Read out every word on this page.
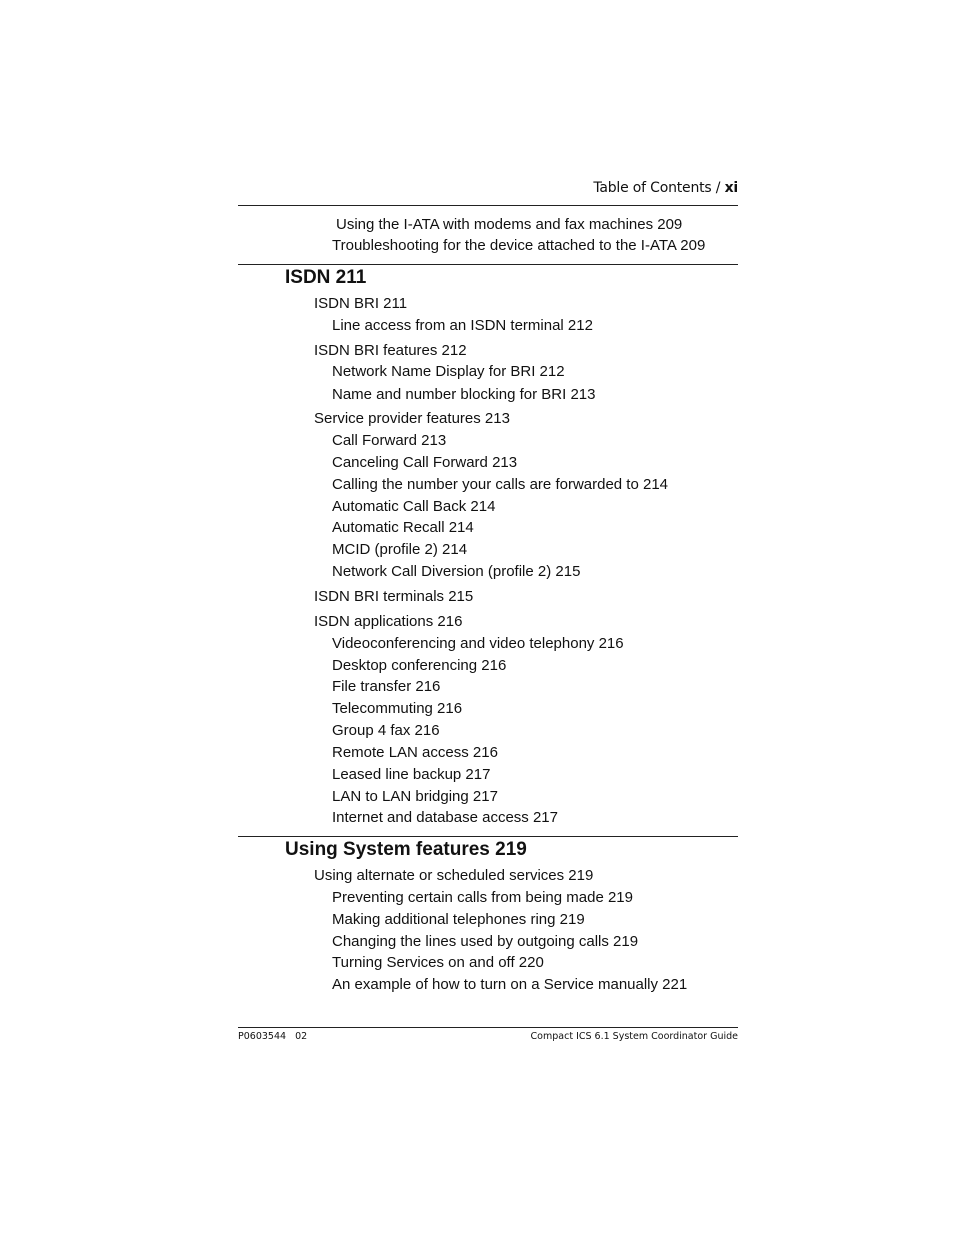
Table of Contents / xi
Using the I-ATA with modems and fax machines 209
Troubleshooting for the device attached to the I-ATA 209
ISDN 211
ISDN BRI 211
Line access from an ISDN terminal 212
ISDN BRI features 212
Network Name Display for BRI 212
Name and number blocking for BRI 213
Service provider features 213
Call Forward 213
Canceling Call Forward 213
Calling the number your calls are forwarded to 214
Automatic Call Back 214
Automatic Recall 214
MCID (profile 2) 214
Network Call Diversion (profile 2) 215
ISDN BRI terminals 215
ISDN applications 216
Videoconferencing and video telephony 216
Desktop conferencing 216
File transfer 216
Telecommuting 216
Group 4 fax 216
Remote LAN access 216
Leased line backup 217
LAN to LAN bridging 217
Internet and database access 217
Using System features 219
Using alternate or scheduled services 219
Preventing certain calls from being made 219
Making additional telephones ring 219
Changing the lines used by outgoing calls 219
Turning Services on and off 220
An example of how to turn on a Service manually 221
P0603544   02	Compact ICS 6.1 System Coordinator Guide
